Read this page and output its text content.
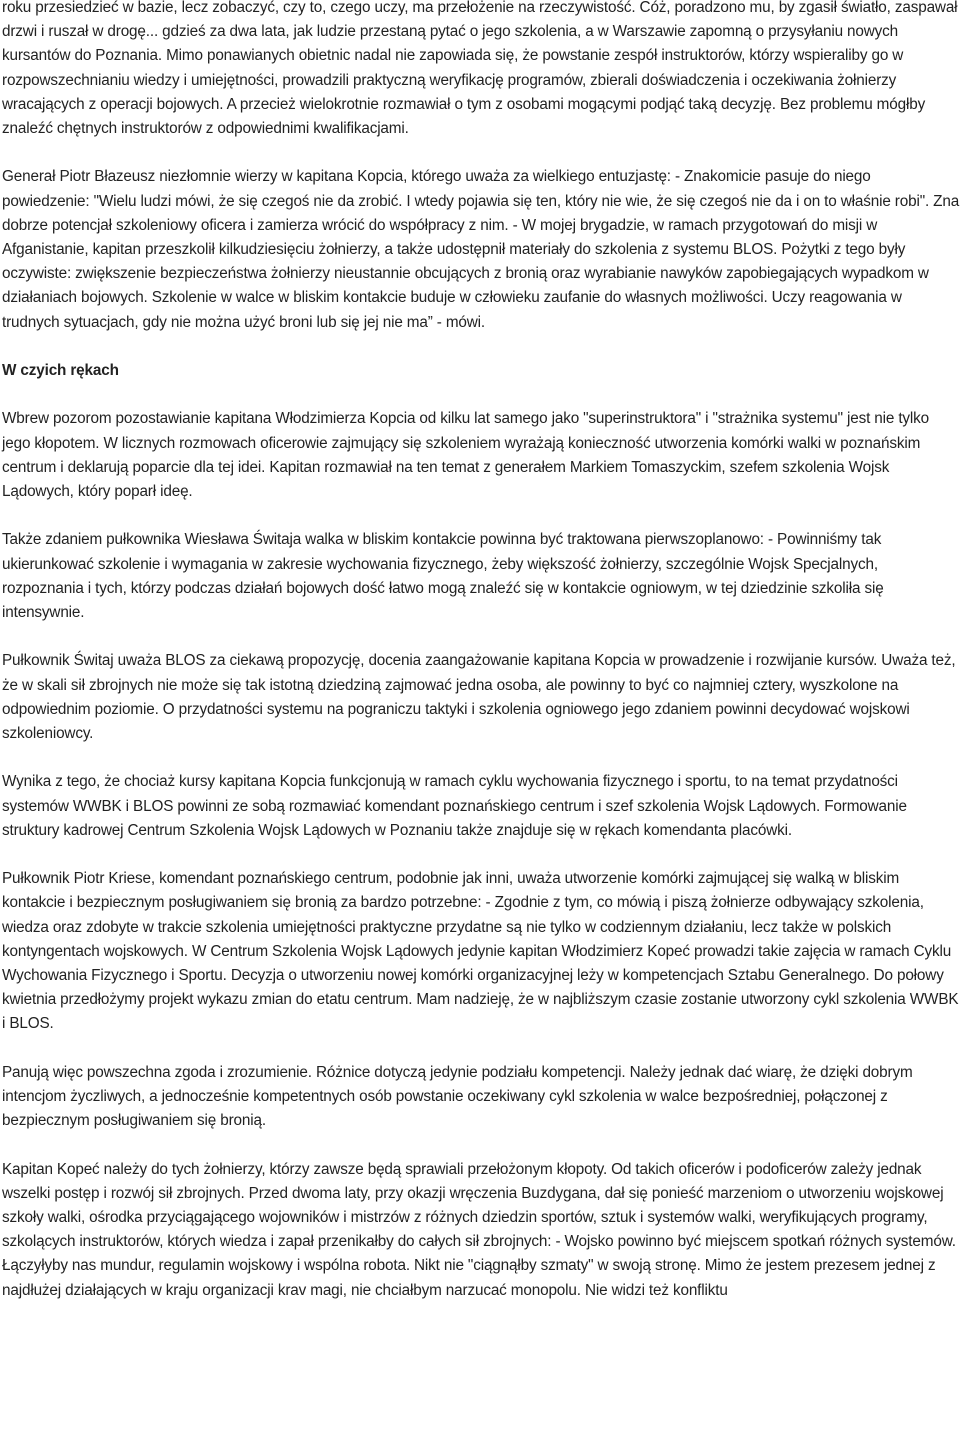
roku przesiedzieć w bazie, lecz zobaczyć, czy to, czego uczy, ma przełożenie na rzeczywistość. Cóż, poradzono mu, by zgasił światło, zaspawał drzwi i ruszał w drogę... gdzieś za dwa lata, jak ludzie przestaną pytać o jego szkolenia, a w Warszawie zapomną o przysyłaniu nowych kursantów do Poznania. Mimo ponawianych obietnic nadal nie zapowiada się, że powstanie zespół instruktorów, którzy wspieraliby go w rozpowszechnianiu wiedzy i umiejętności, prowadzili praktyczną weryfikację programów, zbierali doświadczenia i oczekiwania żołnierzy wracających z operacji bojowych. A przecież wielokrotnie rozmawiał o tym z osobami mogącymi podjąć taką decyzję. Bez problemu mógłby znaleźć chętnych instruktorów z odpowiednimi kwalifikacjami.

Generał Piotr Błazeusz niezłomnie wierzy w kapitana Kopcia, którego uważa za wielkiego entuzjastę: - Znakomicie pasuje do niego powiedzenie: "Wielu ludzi mówi, że się czegoś nie da zrobić. I wtedy pojawia się ten, który nie wie, że się czegoś nie da i on to właśnie robi". Zna dobrze potencjał szkoleniowy oficera i zamierza wrócić do współpracy z nim. - W mojej brygadzie, w ramach przygotowań do misji w Afganistanie, kapitan przeszkolił kilkudziesięciu żołnierzy, a także udostępnił materiały do szkolenia z systemu BLOS. Pożytki z tego były oczywiste: zwiększenie bezpieczeństwa żołnierzy nieustannie obcujących z bronią oraz wyrabianie nawyków zapobiegających wypadkom w działaniach bojowych. Szkolenie w walce w bliskim kontakcie buduje w człowieku zaufanie do własnych możliwości. Uczy reagowania w trudnych sytuacjach, gdy nie można użyć broni lub się jej nie ma” - mówi.

W czyich rękach

Wbrew pozorom pozostawianie kapitana Włodzimierza Kopcia od kilku lat samego jako "superinstruktora" i "strażnika systemu" jest nie tylko jego kłopotem. W licznych rozmowach oficerowie zajmujący się szkoleniem wyrażają konieczność utworzenia komórki walki w poznańskim centrum i deklarują poparcie dla tej idei. Kapitan rozmawiał na ten temat z generałem Markiem Tomaszyckim, szefem szkolenia Wojsk Lądowych, który poparł ideę.

Także zdaniem pułkownika Wiesława Świtaja walka w bliskim kontakcie powinna być traktowana pierwszoplanowo: - Powinniśmy tak ukierunkować szkolenie i wymagania w zakresie wychowania fizycznego, żeby większość żołnierzy, szczególnie Wojsk Specjalnych, rozpoznania i tych, którzy podczas działań bojowych dość łatwo mogą znaleźć się w kontakcie ogniowym, w tej dziedzinie szkoliła się intensywnie.

Pułkownik Świtaj uważa BLOS za ciekawą propozycję, docenia zaangażowanie kapitana Kopcia w prowadzenie i rozwijanie kursów. Uważa też, że w skali sił zbrojnych nie może się tak istotną dziedziną zajmować jedna osoba, ale powinny to być co najmniej cztery, wyszkolone na odpowiednim poziomie. O przydatności systemu na pograniczu taktyki i szkolenia ogniowego jego zdaniem powinni decydować wojskowi szkoleniowcy.

Wynika z tego, że chociaż kursy kapitana Kopcia funkcjonują w ramach cyklu wychowania fizycznego i sportu, to na temat przydatności systemów WWBK i BLOS powinni ze sobą rozmawiać komendant poznańskiego centrum i szef szkolenia Wojsk Lądowych. Formowanie struktury kadrowej Centrum Szkolenia Wojsk Lądowych w Poznaniu także znajduje się w rękach komendanta placówki.

Pułkownik Piotr Kriese, komendant poznańskiego centrum, podobnie jak inni, uważa utworzenie komórki zajmującej się walką w bliskim kontakcie i bezpiecznym posługiwaniem się bronią za bardzo potrzebne: - Zgodnie z tym, co mówią i piszą żołnierze odbywający szkolenia, wiedza oraz zdobyte w trakcie szkolenia umiejętności praktyczne przydatne są nie tylko w codziennym działaniu, lecz także w polskich kontyngentach wojskowych. W Centrum Szkolenia Wojsk Lądowych jedynie kapitan Włodzimierz Kopeć prowadzi takie zajęcia w ramach Cyklu Wychowania Fizycznego i Sportu. Decyzja o utworzeniu nowej komórki organizacyjnej leży w kompetencjach Sztabu Generalnego. Do połowy kwietnia przedłożymy projekt wykazu zmian do etatu centrum. Mam nadzieję, że w najbliższym czasie zostanie utworzony cykl szkolenia WWBK i BLOS.

Panują więc powszechna zgoda i zrozumienie. Różnice dotyczą jedynie podziału kompetencji. Należy jednak dać wiarę, że dzięki dobrym intencjom życzliwych, a jednocześnie kompetentnych osób powstanie oczekiwany cykl szkolenia w walce bezpośredniej, połączonej z bezpiecznym posługiwaniem się bronią.

Kapitan Kopeć należy do tych żołnierzy, którzy zawsze będą sprawiali przełożonym kłopoty. Od takich oficerów i podoficerów zależy jednak wszelki postęp i rozwój sił zbrojnych. Przed dwoma laty, przy okazji wręczenia Buzdygana, dał się ponieść marzeniom o utworzeniu wojskowej szkoły walki, ośrodka przyciągającego wojowników i mistrzów z różnych dziedzin sportów, sztuk i systemów walki, weryfikujących programy, szkolących instruktorów, których wiedza i zapał przenikałby do całych sił zbrojnych: - Wojsko powinno być miejscem spotkań różnych systemów. Łączyłyby nas mundur, regulamin wojskowy i wspólna robota. Nikt nie "ciągnąłby szmaty" w swoją stronę. Mimo że jestem prezesem jednej z najdłużej działających w kraju organizacji krav magi, nie chciałbym narzucać monopolu. Nie widzi też konfliktu
